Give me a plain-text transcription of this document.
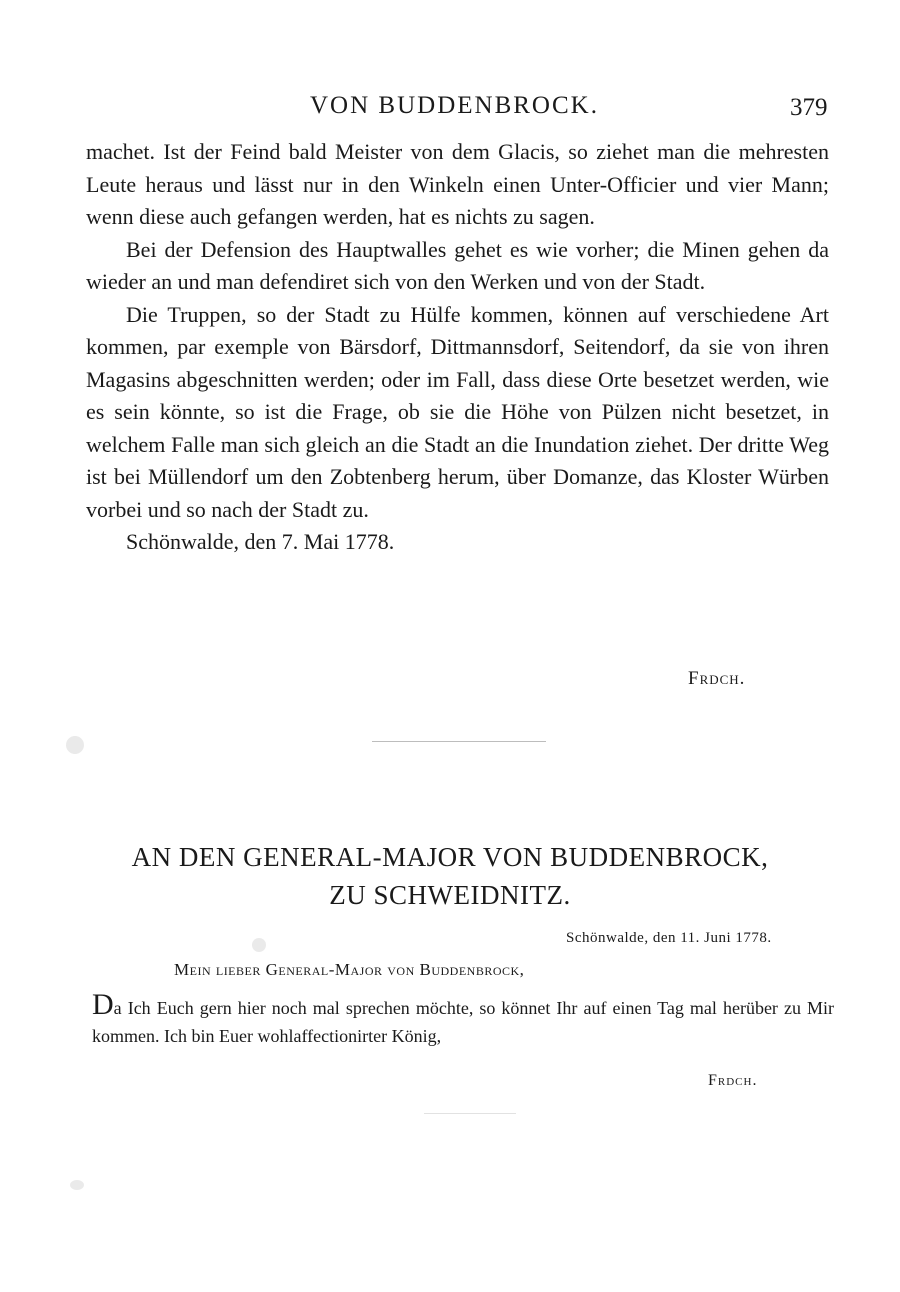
VON BUDDENBROCK.	379

machet. Ist der Feind bald Meister von dem Glacis, so ziehet man die mehresten Leute heraus und lässt nur in den Winkeln einen Unter-Officier und vier Mann; wenn diese auch gefangen werden, hat es nichts zu sagen.

Bei der Defension des Hauptwalles gehet es wie vorher; die Minen gehen da wieder an und man defendiret sich von den Werken und von der Stadt.

Die Truppen, so der Stadt zu Hülfe kommen, können auf verschiedene Art kommen, par exemple von Bärsdorf, Dittmannsdorf, Seitendorf, da sie von ihren Magasins abgeschnitten werden; oder im Fall, dass diese Orte besetzet werden, wie es sein könnte, so ist die Frage, ob sie die Höhe von Pülzen nicht besetzet, in welchem Falle man sich gleich an die Stadt an die Inundation ziehet. Der dritte Weg ist bei Müllendorf um den Zobtenberg herum, über Domanze, das Kloster Würben vorbei und so nach der Stadt zu.

Schönwalde, den 7. Mai 1778.

Frdch.
AN DEN GENERAL-MAJOR VON BUDDENBROCK,
ZU SCHWEIDNITZ.
Schönwalde, den 11. Juni 1778.
Mein lieber General-Major von Buddenbrock,

Da Ich Euch gern hier noch mal sprechen möchte, so könnet Ihr auf einen Tag mal herüber zu Mir kommen. Ich bin Euer wohlaffectionirter König,

Frdch.
